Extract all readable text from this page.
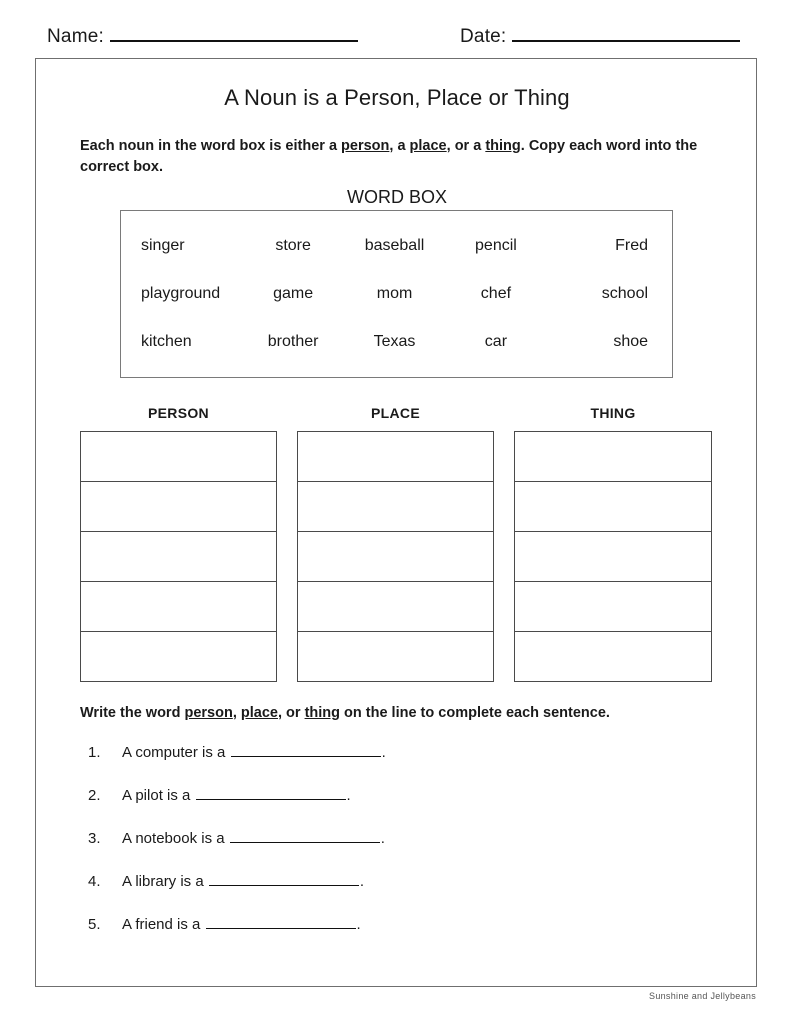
Name:	Date:
A Noun is a Person, Place or Thing
Each noun in the word box is either a person, a place, or a thing. Copy each word into the correct box.
WORD BOX
singer	store	baseball	pencil	Fred
playground	game	mom	chef	school
kitchen	brother	Texas	car	shoe
PERSON	PLACE	THING
Write the word person, place, or thing on the line to complete each sentence.
1.	A computer is a	.
2.	A pilot is a	.
3.	A notebook is a	.
4.	A library is a	.
5.	A friend is a	.
Sunshine and Jellybeans
